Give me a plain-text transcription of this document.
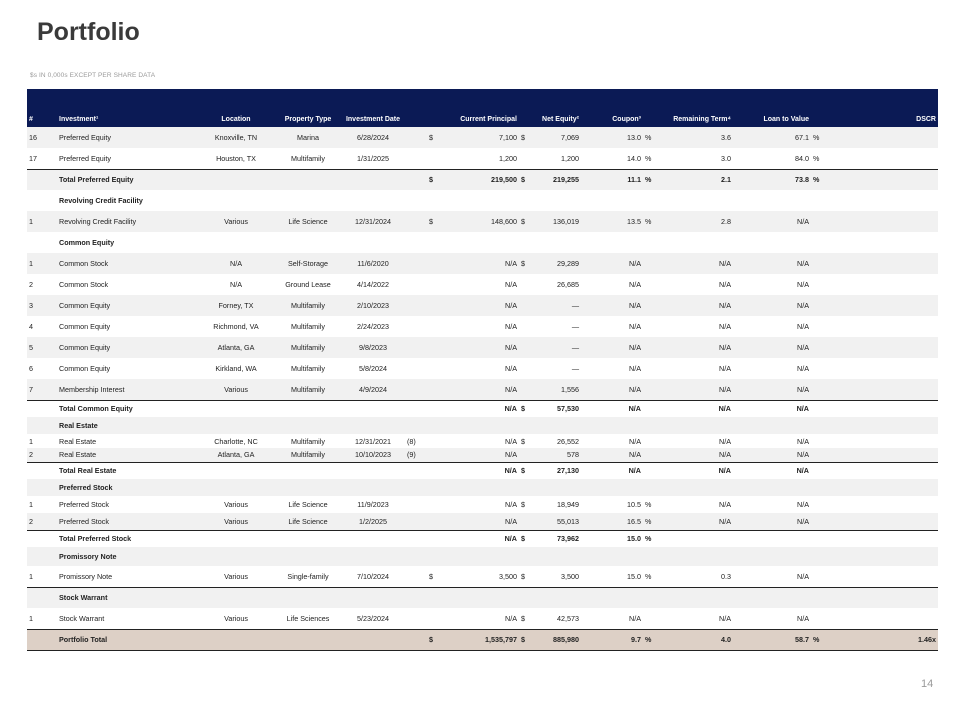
Portfolio
$s IN 0,000s EXCEPT PER SHARE DATA
#	Investment¹	Location	Property Type	Investment Date			Current Principal		Net Equity²	Coupon³		Remaining Term⁴	Loan to Value		DSCR
16	Preferred Equity	Knoxville, TN	Marina	6/28/2024		$	7,100	$	7,069	13.0	%	3.6	67.1	%	
17	Preferred Equity	Houston, TX	Multifamily	1/31/2025			1,200		1,200	14.0	%	3.0	84.0	%	
	Total Preferred Equity					$	219,500	$	219,255	11.1	%	2.1	73.8	%	
	Revolving Credit Facility														
1	Revolving Credit Facility	Various	Life Science	12/31/2024		$	148,600	$	136,019	13.5	%	2.8	N/A		
	Common Equity														
1	Common Stock	N/A	Self-Storage	11/6/2020			N/A	$	29,289	N/A		N/A	N/A		
2	Common Stock	N/A	Ground Lease	4/14/2022			N/A		26,685	N/A		N/A	N/A		
3	Common Equity	Forney, TX	Multifamily	2/10/2023			N/A		—	N/A		N/A	N/A		
4	Common Equity	Richmond, VA	Multifamily	2/24/2023			N/A		—	N/A		N/A	N/A		
5	Common Equity	Atlanta, GA	Multifamily	9/8/2023			N/A		—	N/A		N/A	N/A		
6	Common Equity	Kirkland, WA	Multifamily	5/8/2024			N/A		—	N/A		N/A	N/A		
7	Membership Interest	Various	Multifamily	4/9/2024			N/A		1,556	N/A		N/A	N/A		
	Total Common Equity						N/A	$	57,530	N/A		N/A	N/A		
	Real Estate														
1	Real Estate	Charlotte, NC	Multifamily	12/31/2021	(8)		N/A	$	26,552	N/A		N/A	N/A		
2	Real Estate	Atlanta, GA	Multifamily	10/10/2023	(9)		N/A		578	N/A		N/A	N/A		
	Total Real Estate						N/A	$	27,130	N/A		N/A	N/A		
	Preferred Stock														
1	Preferred Stock	Various	Life Science	11/9/2023			N/A	$	18,949	10.5	%	N/A	N/A		
2	Preferred Stock	Various	Life Science	1/2/2025			N/A		55,013	16.5	%	N/A	N/A		
	Total Preferred Stock						N/A	$	73,962	15.0	%				
	Promissory Note														
1	Promissory Note	Various	Single-family	7/10/2024		$	3,500	$	3,500	15.0	%	0.3	N/A		
	Stock Warrant														
1	Stock Warrant	Various	Life Sciences	5/23/2024			N/A	$	42,573	N/A		N/A	N/A		
	Portfolio Total					$	1,535,797	$	885,980	9.7	%	4.0	58.7	%	1.46x
14
